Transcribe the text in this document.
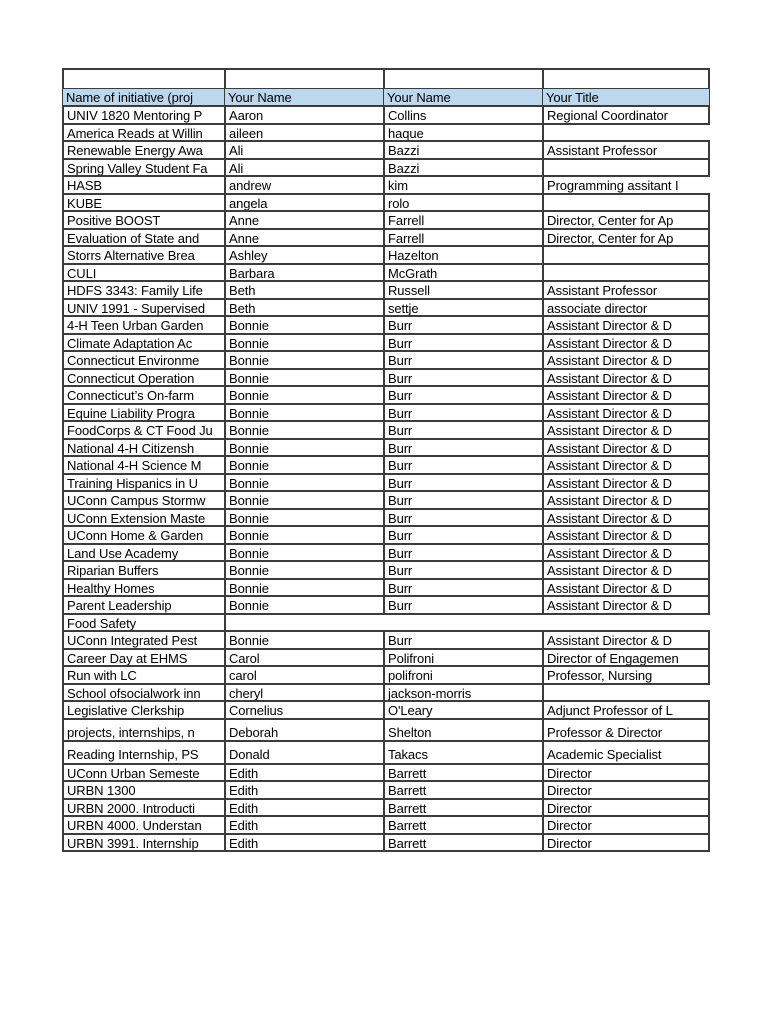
Name of initiative (proj	Your Name	Your Name	Your Title
UNIV 1820 Mentoring P	Aaron	Collins	Regional Coordinator
America Reads at Willin	aileen	haque
Renewable Energy Awa	Ali	Bazzi	Assistant Professor
Spring Valley Student Fa	Ali	Bazzi
HASB	andrew	kim	Programming assitant I
KUBE	angela	rolo
Positive BOOST	Anne	Farrell	Director, Center for Ap
Evaluation of State and	Anne	Farrell	Director, Center for Ap
Storrs Alternative Brea	Ashley	Hazelton
CULI	Barbara	McGrath
HDFS 3343: Family Life	Beth	Russell	Assistant Professor
UNIV 1991 - Supervised	Beth	settje	associate director
4-H Teen Urban Garden	Bonnie	Burr	Assistant Director & D
Climate Adaptation Ac	Bonnie	Burr	Assistant Director & D
Connecticut Environme	Bonnie	Burr	Assistant Director & D
Connecticut Operation	Bonnie	Burr	Assistant Director & D
Connecticut’s On-farm	Bonnie	Burr	Assistant Director & D
Equine Liability Progra	Bonnie	Burr	Assistant Director & D
FoodCorps & CT Food Ju	Bonnie	Burr	Assistant Director & D
National 4-H Citizensh	Bonnie	Burr	Assistant Director & D
National 4-H Science M	Bonnie	Burr	Assistant Director & D
Training Hispanics in U	Bonnie	Burr	Assistant Director & D
UConn Campus Stormw	Bonnie	Burr	Assistant Director & D
UConn Extension Maste	Bonnie	Burr	Assistant Director & D
UConn Home & Garden	Bonnie	Burr	Assistant Director & D
Land Use Academy	Bonnie	Burr	Assistant Director & D
Riparian Buffers	Bonnie	Burr	Assistant Director & D
Healthy Homes	Bonnie	Burr	Assistant Director & D
Parent Leadership	Bonnie	Burr	Assistant Director & D
Food Safety
UConn Integrated Pest	Bonnie	Burr	Assistant Director & D
Career Day at EHMS	Carol	Polifroni	Director of Engagemen
Run with LC	carol	polifroni	Professor, Nursing
School ofsocialwork inn	cheryl	jackson-morris
Legislative Clerkship	Cornelius	O'Leary	Adjunct Professor of L
projects, internships, n	Deborah	Shelton	Professor & Director
Reading Internship, PS	Donald	Takacs	Academic Specialist
UConn Urban Semeste	Edith	Barrett	Director
URBN 1300	Edith	Barrett	Director
URBN 2000. Introducti	Edith	Barrett	Director
URBN 4000. Understan	Edith	Barrett	Director
URBN 3991. Internship	Edith	Barrett	Director
